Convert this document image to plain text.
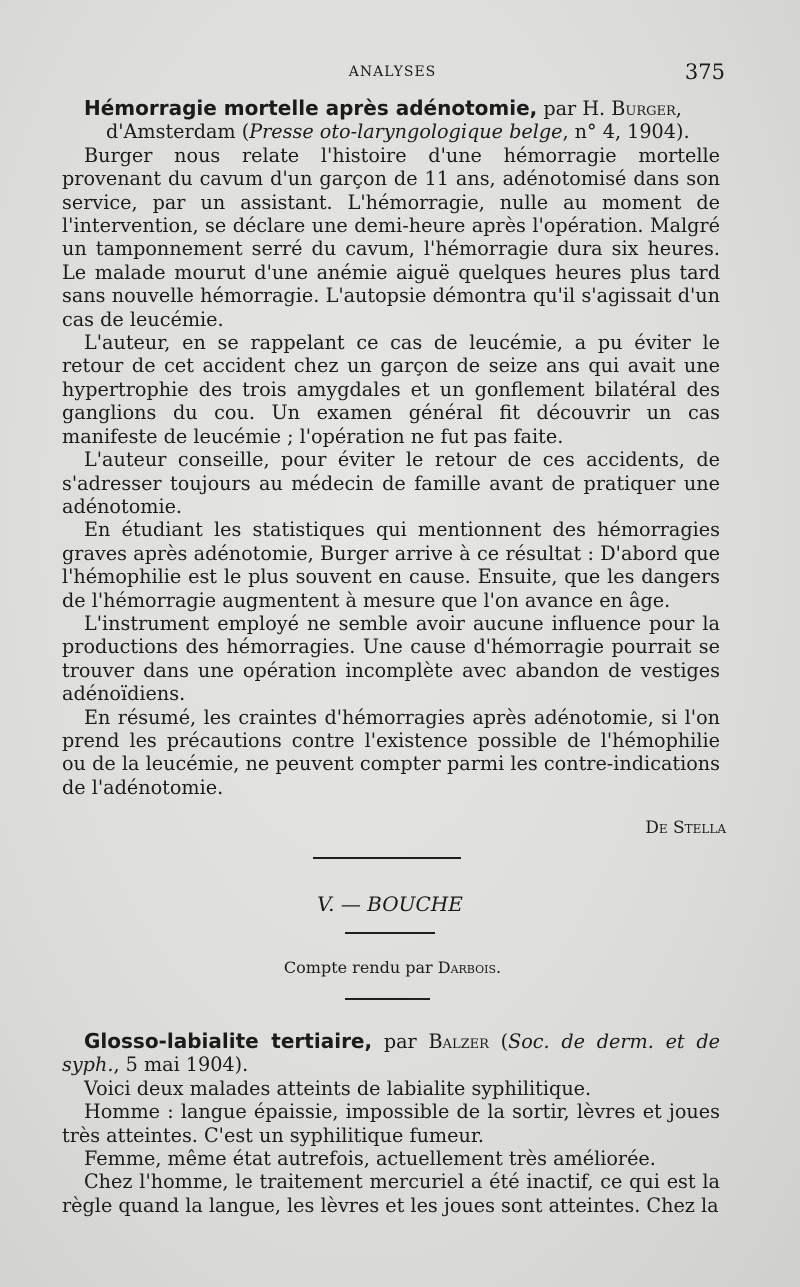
ANALYSES	375

Hémorragie mortelle après adénotomie, par H. Burger,

d'Amsterdam (Presse oto-laryngologique belge, n° 4, 1904).

Burger nous relate l'histoire d'une hémorragie mortelle provenant du cavum d'un garçon de 11 ans, adénotomisé dans son service, par un assistant. L'hémorragie, nulle au moment de l'intervention, se déclare une demi-heure après l'opération. Malgré un tamponnement serré du cavum, l'hémorragie dura six heures. Le malade mourut d'une anémie aiguë quelques heures plus tard sans nouvelle hémorragie. L'autopsie démontra qu'il s'agissait d'un cas de leucémie.

L'auteur, en se rappelant ce cas de leucémie, a pu éviter le retour de cet accident chez un garçon de seize ans qui avait une hypertrophie des trois amygdales et un gonflement bilatéral des ganglions du cou. Un examen général fit découvrir un cas manifeste de leucémie ; l'opération ne fut pas faite.

L'auteur conseille, pour éviter le retour de ces accidents, de s'adresser toujours au médecin de famille avant de pratiquer une adénotomie.

En étudiant les statistiques qui mentionnent des hémorragies graves après adénotomie, Burger arrive à ce résultat : D'abord que l'hémophilie est le plus souvent en cause. Ensuite, que les dangers de l'hémorragie augmentent à mesure que l'on avance en âge.

L'instrument employé ne semble avoir aucune influence pour la productions des hémorragies. Une cause d'hémorragie pourrait se trouver dans une opération incomplète avec abandon de vestiges adénoïdiens.

En résumé, les craintes d'hémorragies après adénotomie, si l'on prend les précautions contre l'existence possible de l'hémophilie ou de la leucémie, ne peuvent compter parmi les contre-indications de l'adénotomie.

De Stella
V. — BOUCHE
Compte rendu par Darbois.

Glosso-labialite tertiaire, par Balzer (Soc. de derm. et de syph., 5 mai 1904).

Voici deux malades atteints de labialite syphilitique.

Homme : langue épaissie, impossible de la sortir, lèvres et joues très atteintes. C'est un syphilitique fumeur.

Femme, même état autrefois, actuellement très améliorée.

Chez l'homme, le traitement mercuriel a été inactif, ce qui est la règle quand la langue, les lèvres et les joues sont atteintes. Chez la
